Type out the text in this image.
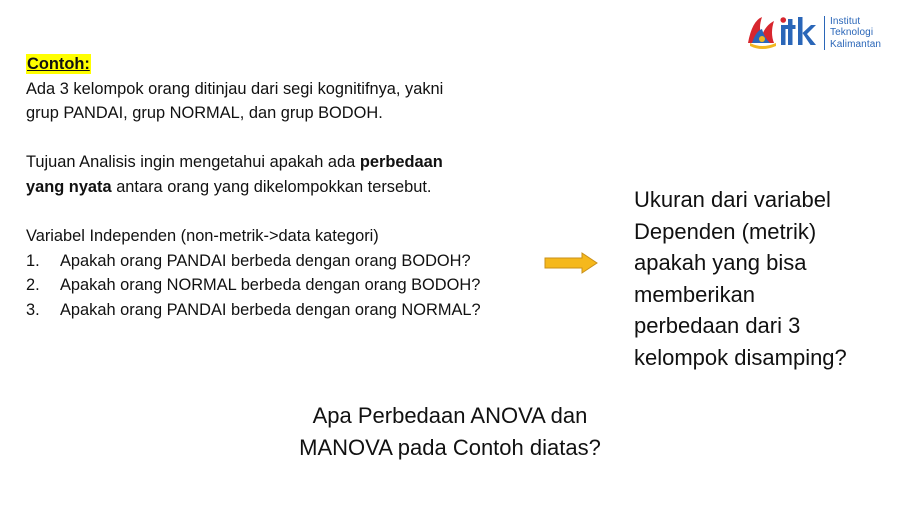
Institut
Teknologi
Kalimantan

Contoh:

Ada 3 kelompok orang ditinjau dari segi kognitifnya, yakni

grup PANDAI, grup NORMAL, dan grup BODOH.

Tujuan Analisis ingin mengetahui apakah ada perbedaan

yang nyata antara orang yang dikelompokkan tersebut.

Variabel Independen (non-metrik->data kategori)

1.	Apakah orang PANDAI berbeda dengan orang BODOH?
2.	Apakah orang NORMAL berbeda dengan orang BODOH?
3.	Apakah orang PANDAI berbeda dengan orang NORMAL?
Ukuran dari variabel
Dependen (metrik)
apakah yang bisa
memberikan
perbedaan dari 3
kelompok disamping?
Apa Perbedaan ANOVA dan
MANOVA pada Contoh diatas?
